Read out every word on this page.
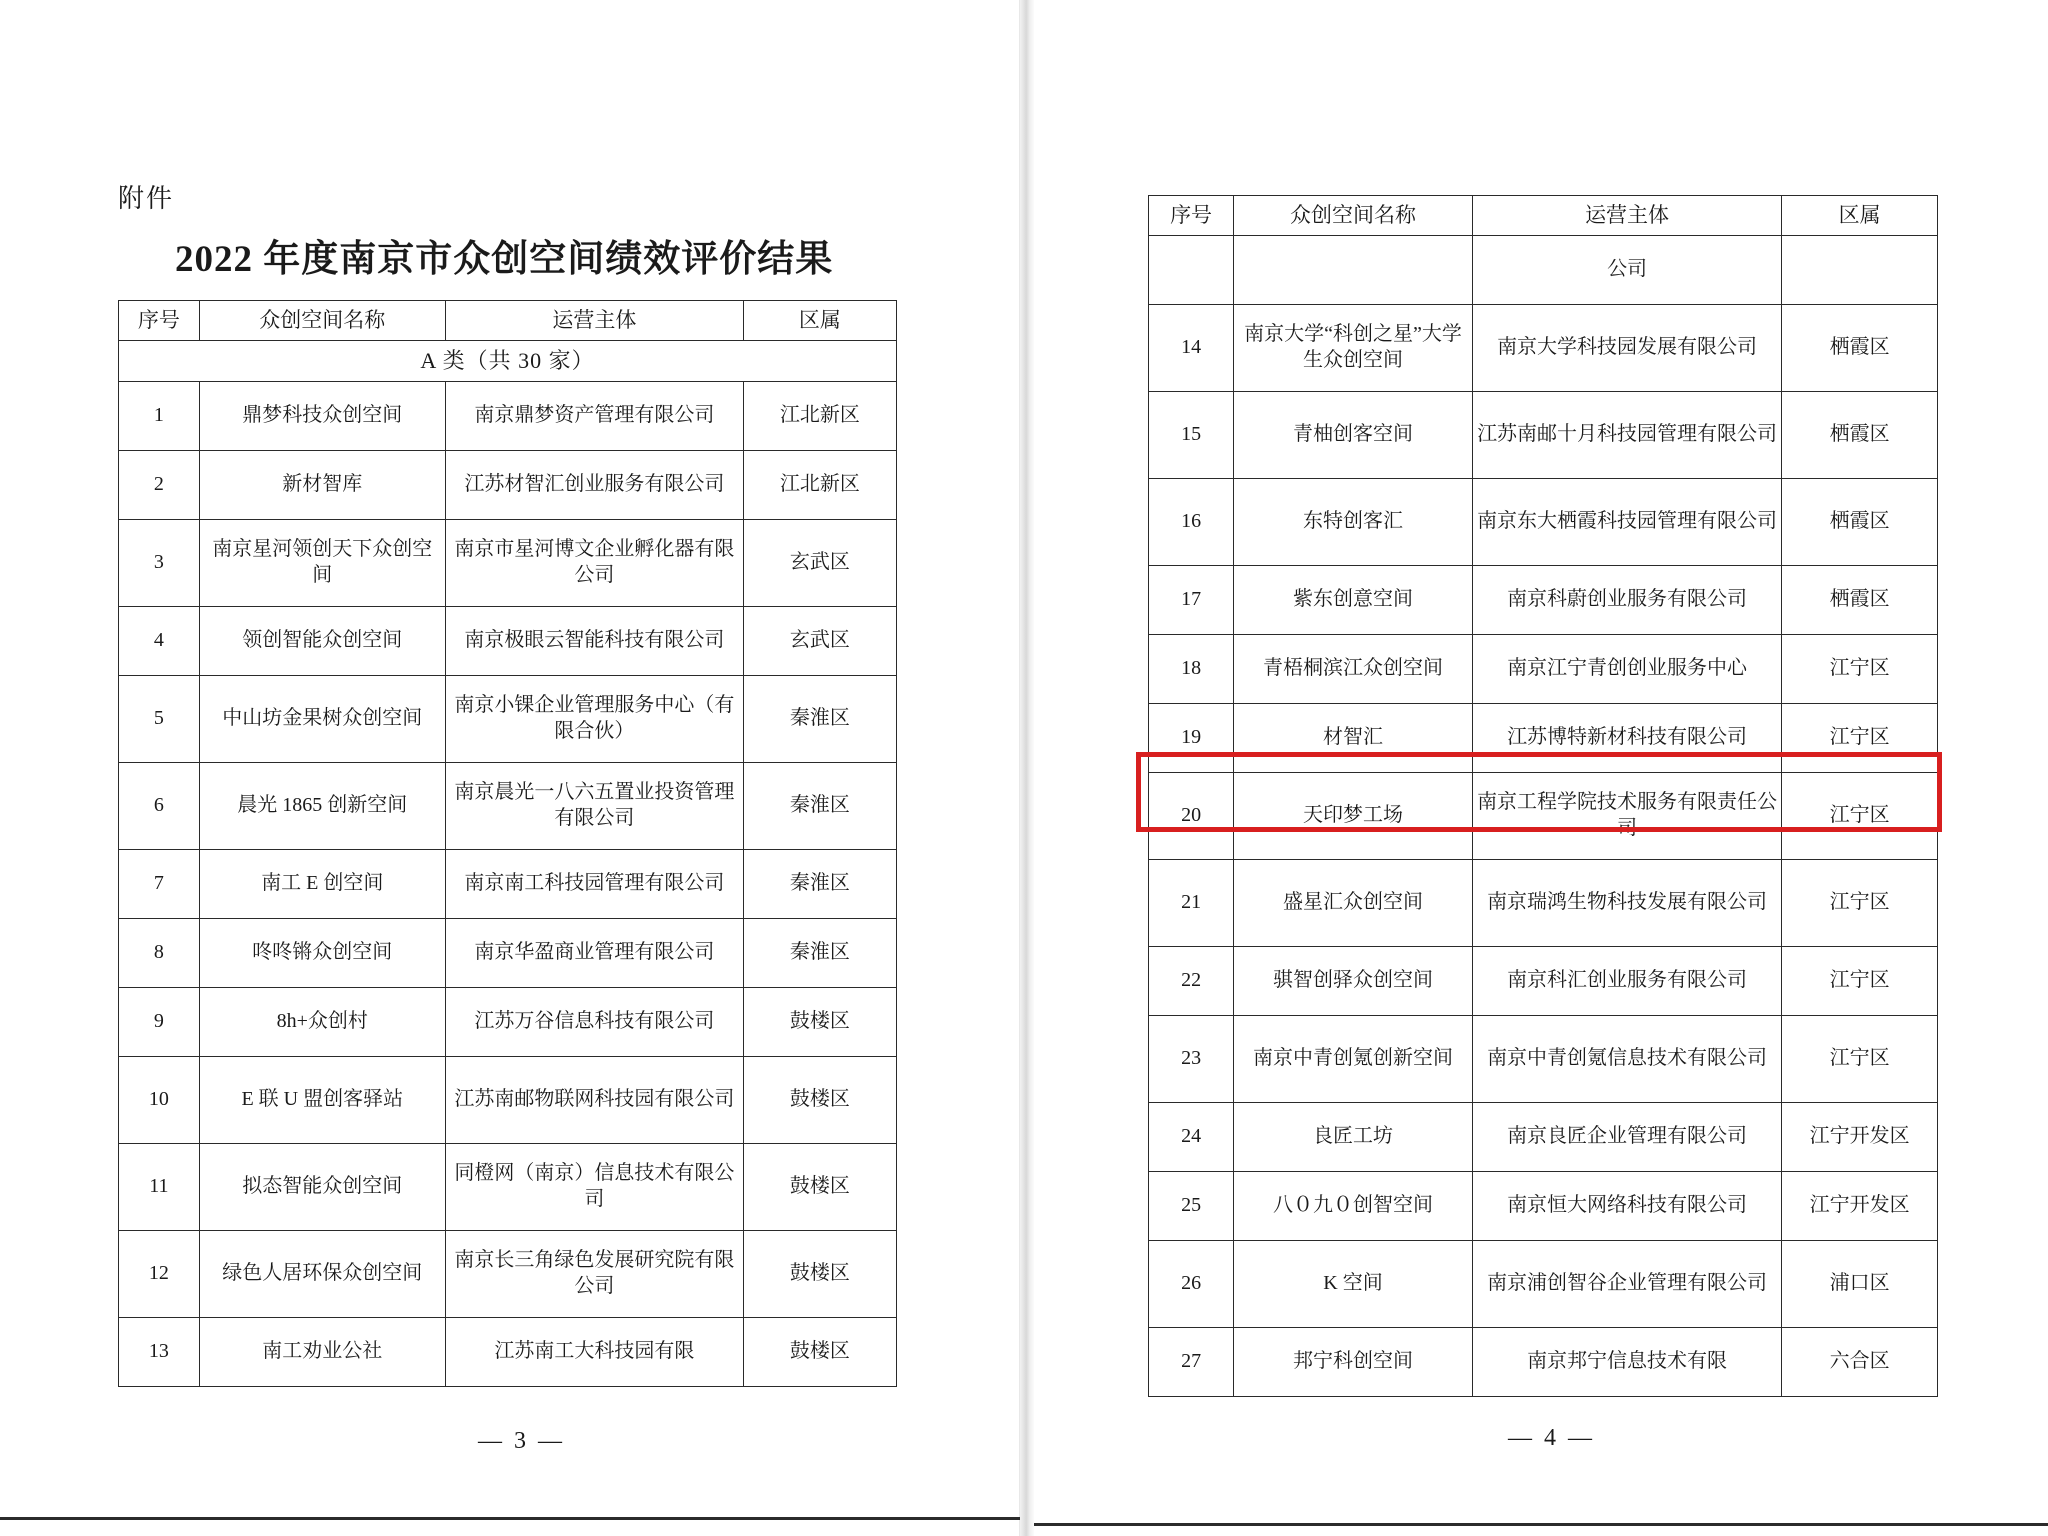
附件
2022 年度南京市众创空间绩效评价结果
序号	众创空间名称	运营主体	区属
A 类（共 30 家）			
1	鼎梦科技众创空间	南京鼎梦资产管理有限公司	江北新区
2	新材智库	江苏材智汇创业服务有限公司	江北新区
3	南京星河领创天下众创空间	南京市星河博文企业孵化器有限公司	玄武区
4	领创智能众创空间	南京极眼云智能科技有限公司	玄武区
5	中山坊金果树众创空间	南京小锞企业管理服务中心（有限合伙）	秦淮区
6	晨光 1865 创新空间	南京晨光一八六五置业投资管理有限公司	秦淮区
7	南工 E 创空间	南京南工科技园管理有限公司	秦淮区
8	咚咚锵众创空间	南京华盈商业管理有限公司	秦淮区
9	8h+众创村	江苏万谷信息科技有限公司	鼓楼区
10	E 联 U 盟创客驿站	江苏南邮物联网科技园有限公司	鼓楼区
11	拟态智能众创空间	同橙网（南京）信息技术有限公司	鼓楼区
12	绿色人居环保众创空间	南京长三角绿色发展研究院有限公司	鼓楼区
13	南工劝业公社	江苏南工大科技园有限	鼓楼区
序号	众创空间名称	运营主体	区属
		公司	
14	南京大学“科创之星”大学生众创空间	南京大学科技园发展有限公司	栖霞区
15	青柚创客空间	江苏南邮十月科技园管理有限公司	栖霞区
16	东特创客汇	南京东大栖霞科技园管理有限公司	栖霞区
17	紫东创意空间	南京科蔚创业服务有限公司	栖霞区
18	青梧桐滨江众创空间	南京江宁青创创业服务中心	江宁区
19	材智汇	江苏博特新材科技有限公司	江宁区
20	天印梦工场	南京工程学院技术服务有限责任公司	江宁区
21	盛星汇众创空间	南京瑞鸿生物科技发展有限公司	江宁区
22	骐智创驿众创空间	南京科汇创业服务有限公司	江宁区
23	南京中青创氪创新空间	南京中青创氪信息技术有限公司	江宁区
24	良匠工坊	南京良匠企业管理有限公司	江宁开发区
25	八０九０创智空间	南京恒大网络科技有限公司	江宁开发区
26	K 空间	南京浦创智谷企业管理有限公司	浦口区
27	邦宁科创空间	南京邦宁信息技术有限	六合区
— 3 —	— 4 —
